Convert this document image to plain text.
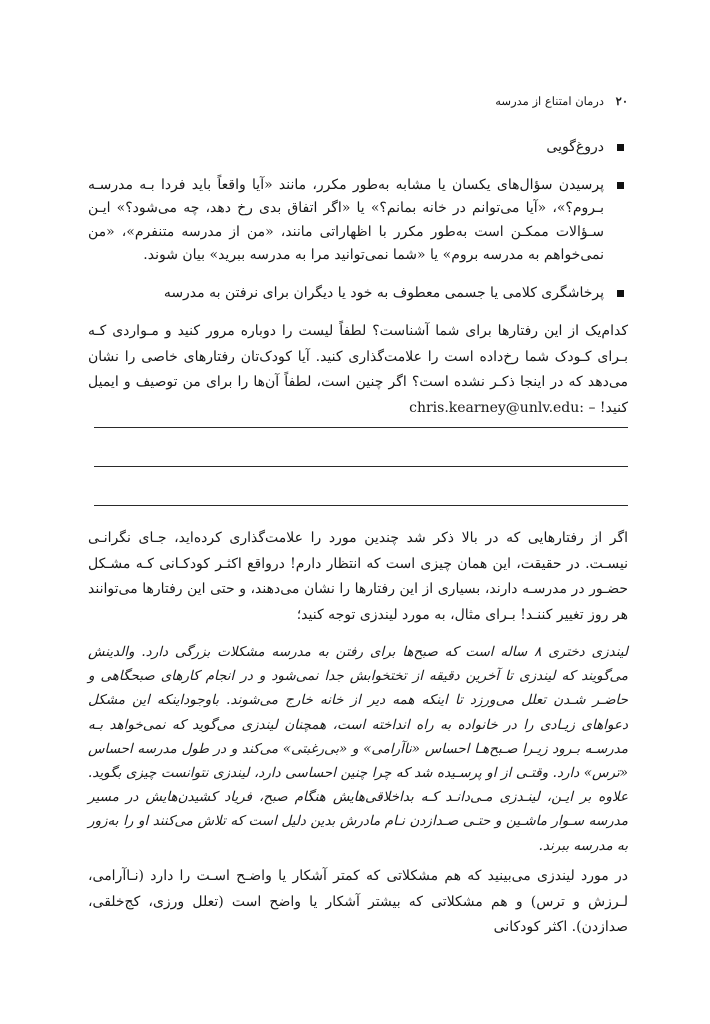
۲۰ درمان امتناع از مدرسه
دروغ‌گویی
پرسیدن سؤال‌های یکسان یا مشابه به‌طور مکرر، مانند «آیا واقعاً باید فردا بـه مدرسـه بـروم؟»، «آیا می‌توانم در خانه بمانم؟» یا «اگر اتفاق بدی رخ دهد، چه می‌شود؟» ایـن سـؤالات ممکـن است به‌طور مکرر با اظهاراتی مانند، «من از مدرسه متنفرم»، «من نمی‌خواهم به مدرسه بروم» یا «شما نمی‌توانید مرا به مدرسه ببرید» بیان شوند.
پرخاشگری کلامی یا جسمی معطوف به خود یا دیگران برای نرفتن به مدرسه

کدام‌یک از این رفتارها برای شما آشناست؟ لطفاً لیست را دوباره مرور کنید و مـواردی کـه بـرای کـودک شما رخ‌داده است را علامت‌گذاری کنید. آیا کودک‌تان رفتارهای خاصی را نشان می‌دهد که در اینجا ذکـر نشده است؟ اگر چنین است، لطفاً آن‌ها را برای من توصیف و ایمیل کنید! – chris.kearney@unlv.edu:

اگر از رفتارهایی که در بالا ذکر شد چندین مورد را علامت‌گذاری کرده‌اید، جـای نگرانـی نیسـت. در حقیقت، این همان چیزی است که انتظار دارم! درواقع اکثـر کودکـانی کـه مشـکل حضـور در مدرسـه دارند، بسیاری از این رفتارها را نشان می‌دهند، و حتی این رفتارها می‌توانند هر روز تغییر کننـد! بـرای مثال، به مورد لیندزی توجه کنید؛

لیندزی دختری ۸ ساله است که صبح‌ها برای رفتن به مدرسه مشکلات بزرگی دارد. والدینش می‌گویند که لیندزی تا آخرین دقیقه از تختخوابش جدا نمی‌شود و در انجام کارهای صبحگاهی و حاضـر شـدن تعلل می‌ورزد تا اینکه همه دیر از خانه خارج می‌شوند. باوجوداینکه این مشکل دعواهای زیـادی را در خانواده به راه انداخته است، همچنان لیندزی می‌گوید که نمی‌خواهد بـه مدرسـه بـرود زیـرا صـبح‌هـا احساس «ناآرامی» و «بی‌رغبتی» می‌کند و در طول مدرسه احساس «ترس» دارد. وقتـی از او پرسـیده شد که چرا چنین احساسی دارد، لیندزی نتوانست چیزی بگوید. علاوه بر ایـن، لینـدزی مـی‌دانـد کـه بداخلاقی‌هایش هنگام صبح، فریاد کشیدن‌هایش در مسیر مدرسه سـوار ماشـین و حتـی صـدازدن نـام مادرش بدین دلیل است که تلاش می‌کنند او را به‌زور به مدرسه ببرند.

در مورد لیندزی می‌بینید که هم مشکلاتی که کمتر آشکار یا واضـح اسـت را دارد (نـاآرامی، لـرزش و ترس) و هم مشکلاتی که بیشتر آشکار یا واضح است (تعلل ورزی، کج‌خلقی، صدازدن). اکثر کودکانی
